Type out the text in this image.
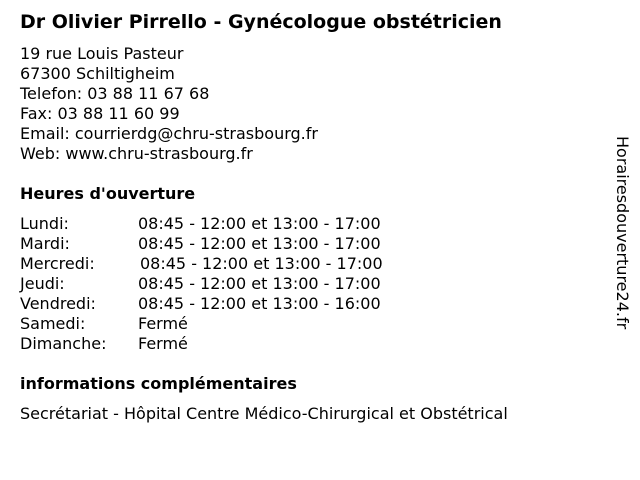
Dr Olivier Pirrello - Gynécologue obstétricien
19 rue Louis Pasteur
67300 Schiltigheim
Telefon: 03 88 11 67 68
Fax: 03 88 11 60 99
Email: courrierdg@chru-strasbourg.fr
Web: www.chru-strasbourg.fr
Heures d'ouverture
Lundi:	08:45 - 12:00 et 13:00 - 17:00
Mardi:	08:45 - 12:00 et 13:00 - 17:00
Mercredi:	08:45 - 12:00 et 13:00 - 17:00
Jeudi:	08:45 - 12:00 et 13:00 - 17:00
Vendredi:	08:45 - 12:00 et 13:00 - 16:00
Samedi:	Fermé
Dimanche: Fermé
informations complémentaires
Secrétariat - Hôpital Centre Médico-Chirurgical et Obstétrical
Horairesdouverture24.fr
